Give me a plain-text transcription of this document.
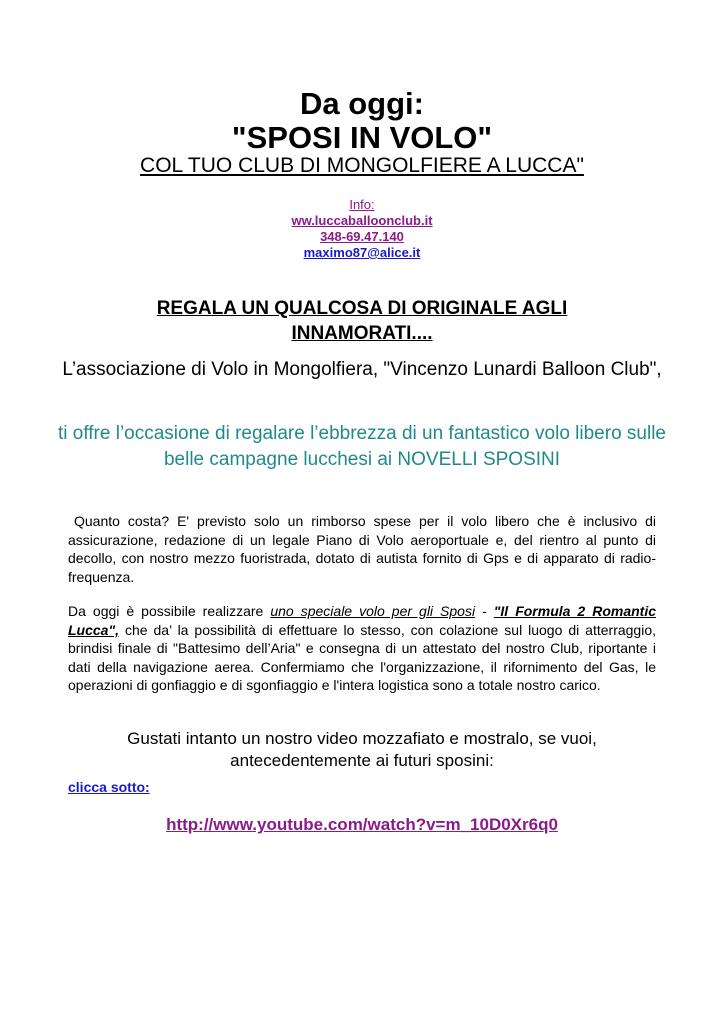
Da oggi:
"SPOSI IN VOLO"
COL TUO CLUB DI MONGOLFIERE A LUCCA"
Info:
ww.luccaballoonclub.it
348-69.47.140
maximo87@alice.it
REGALA UN QUALCOSA DI ORIGINALE AGLI
INNAMORATI....
L’associazione di Volo in Mongolfiera, "Vincenzo Lunardi Balloon Club",
ti offre l’occasione di regalare l’ebbrezza di un fantastico volo libero sulle belle campagne lucchesi ai NOVELLI SPOSINI
Quanto costa? E' previsto solo un rimborso spese per il volo libero che è inclusivo di assicurazione, redazione di un legale Piano di Volo aeroportuale e, del rientro al punto di decollo, con nostro mezzo fuoristrada, dotato di autista fornito di Gps e di apparato di radio-frequenza.
Da oggi è possibile realizzare uno speciale volo per gli Sposi - "Il Formula 2 Romantic Lucca", che da’ la possibilità di effettuare lo stesso, con colazione sul luogo di atterraggio, brindisi finale di "Battesimo dell’Aria" e consegna di un attestato del nostro Club, riportante i dati della navigazione aerea. Confermiamo che l'organizzazione, il rifornimento del Gas, le operazioni di gonfiaggio e di sgonfiaggio e l'intera logistica sono a totale nostro carico.
Gustati intanto un nostro video mozzafiato e mostralo, se vuoi, antecedentemente ai futuri sposini:
clicca sotto:
http://www.youtube.com/watch?v=m_10D0Xr6q0
